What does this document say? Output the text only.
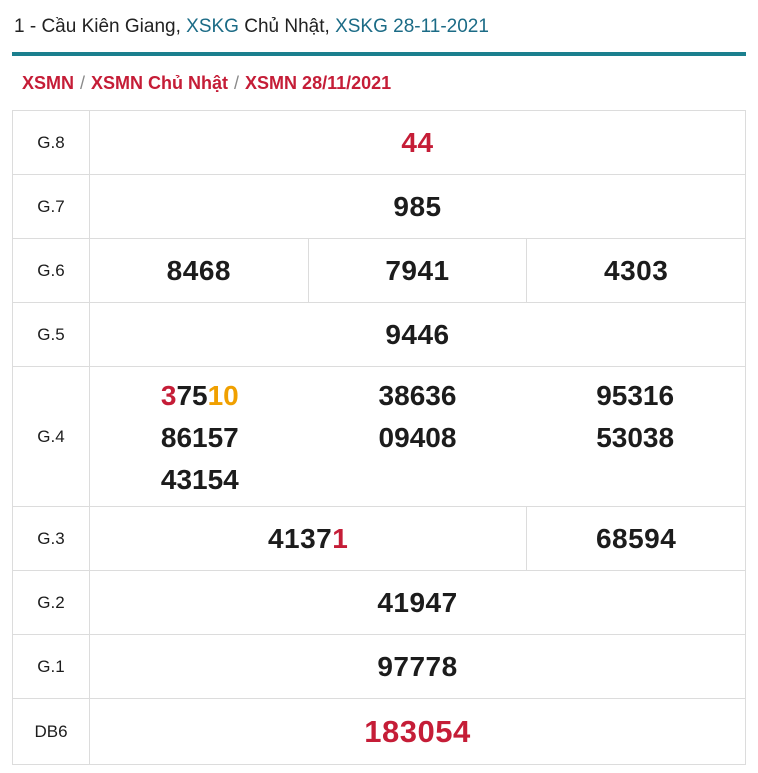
1 - Cầu Kiên Giang, XSKG Chủ Nhật, XSKG 28-11-2021
XSMN / XSMN Chủ Nhật / XSMN 28/11/2021
G.8	44		
G.7	985		
G.6	8468	7941	4303
G.5	9446		
G.4	
37510	38636	95316
86157	09408	53038
43154

G.3	41371		68594
G.2	41947		
G.1	97778		
DB6	183054		
